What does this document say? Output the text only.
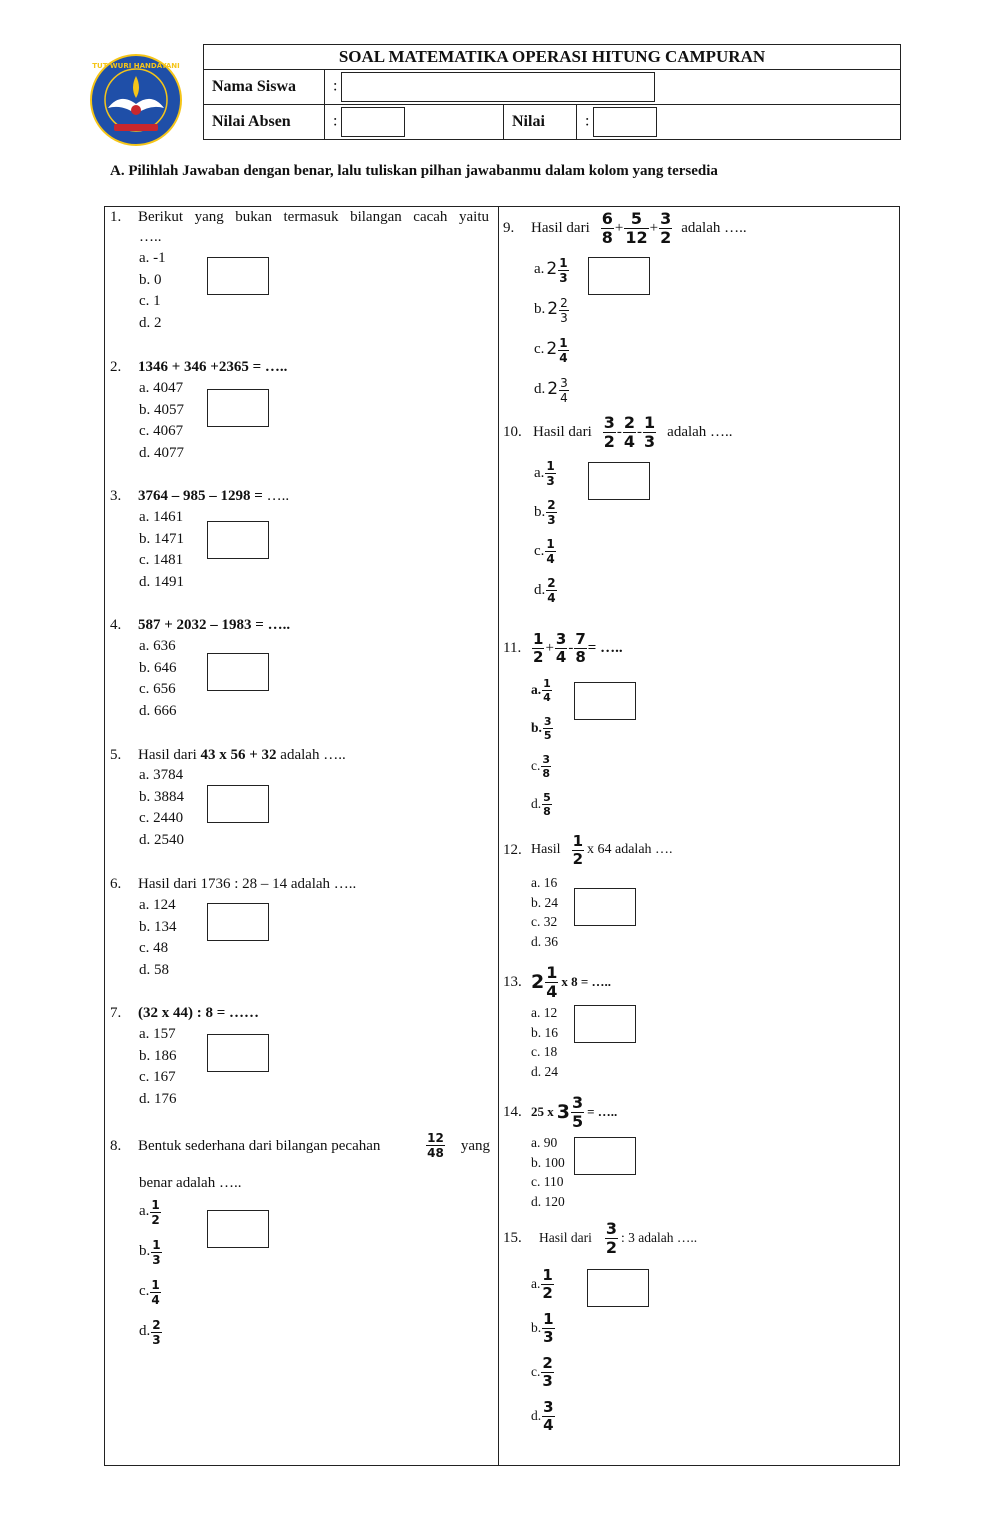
TUT WURI HANDAYANI	SOAL MATEMATIKA OPERASI HITUNG CAMPURAN			
Nama Siswa	:		
Nilai Absen	:	Nilai	:
A. Pilihlah Jawaban dengan benar, lalu tuliskan pilhan jawabanmu dalam kolom yang tersedia
1.	Berikut yang bukan termasuk bilangan cacah yaitu
…..
a. -1
b. 0
c. 1
d. 2
2. 1346 + 346 +2365 = …..
a. 4047
b. 4057
c. 4067
d. 4077
3. 3764 – 985 – 1298 = …..
a. 1461
b. 1471
c. 1481
d. 1491
4. 587 + 2032 – 1983 = …..
a. 636
b. 646
c. 656
d. 666
5. Hasil dari 43 x 56 + 32 adalah …..
a. 3784
b. 3884
c. 2440
d. 2540
6. Hasil dari 1736 : 28 – 14 adalah …..
a. 124
b. 134
c. 48
d. 58
7. (32 x 44) : 8 = ……
a. 157
b. 186
c. 167
d. 176
8.	Bentuk sederhana dari bilangan pecahan	$\frac{12}{48}$ yang
benar adalah …..
a. $\frac{1}{2}$
b. $\frac{1}{3}$
c. $\frac{1}{4}$
d. $\frac{2}{3}$
9.	Hasil dari $\frac{6}{8} + \frac{5}{12} + \frac{3}{2}$ adalah …..
a. $2 \frac{1}{3}$
b. $2 \frac{2}{3}$
c. $2 \frac{1}{4}$
d. $2 \frac{3}{4}$
10. Hasil dari $\frac{3}{2} - \frac{2}{4} - \frac{1}{3}$ adalah …..
a. $\frac{1}{3}$
b. $\frac{2}{3}$
c. $\frac{1}{4}$
d. $\frac{2}{4}$
11. $\frac{1}{2} + \frac{3}{4} - \frac{7}{8}$ = …..
a. $\frac{1}{4}$
b. $\frac{3}{5}$
c. $\frac{3}{8}$
d. $\frac{5}{8}$
12. Hasil $\frac{1}{2}$ x 64 adalah ….
a. 16
b. 24
c. 32
d. 36
13. $2 \frac{1}{4}$ x 8 = …..
a. 12
b. 16
c. 18
d. 24
14. 25 x $3 \frac{3}{5}$ = …..
a. 90
b. 100
c. 110
d. 120
15.	Hasil dari $\frac{3}{2}$ : 3 adalah …..
a. $\frac{1}{2}$
b. $\frac{1}{3}$
c. $\frac{2}{3}$
d. $\frac{3}{4}$
